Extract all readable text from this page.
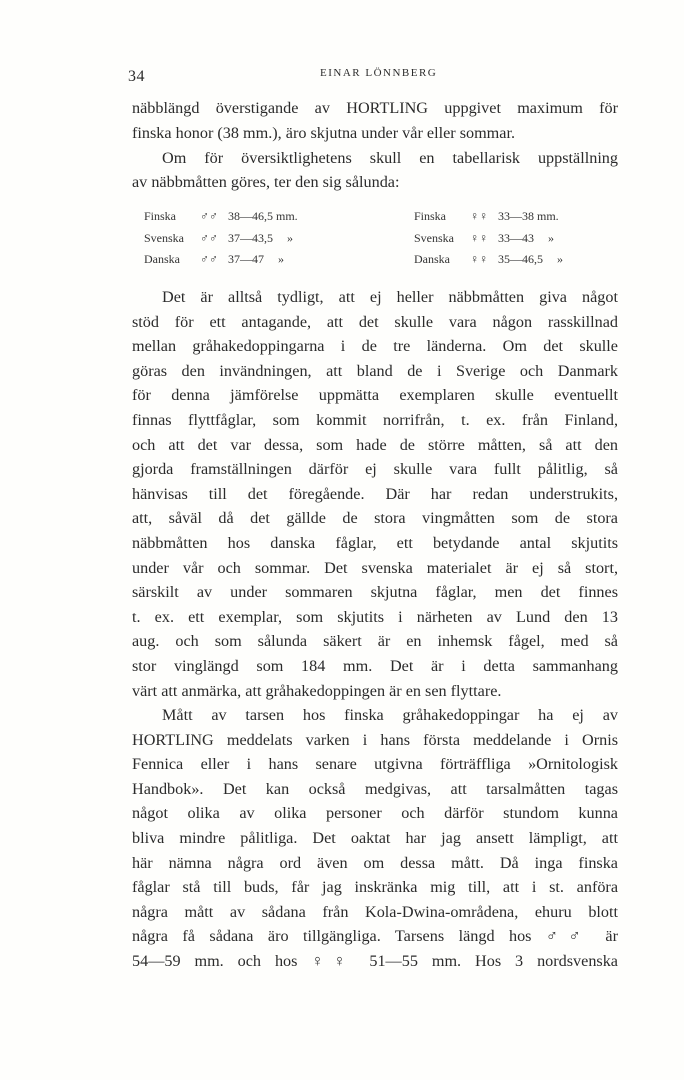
34	EINAR LÖNNBERG
näbblängd överstigande av HORTLING uppgivet maximum för
finska honor (38 mm.), äro skjutna under vår eller sommar.
Om för översiktlighetens skull en tabellarisk uppställning
av näbbmåtten göres, ter den sig sålunda:
Finska ♂♂ 38—46,5 mm.
Svenska ♂♂ 37—43,5 »
Danska ♂♂ 37—47 »
Finska ♀♀ 33—38 mm.
Svenska ♀♀ 33—43 »
Danska ♀♀ 35—46,5 »
Det är alltså tydligt, att ej heller näbbmåtten giva något
stöd för ett antagande, att det skulle vara någon rasskillnad
mellan gråhakedoppingarna i de tre länderna. Om det skulle
göras den invändningen, att bland de i Sverige och Danmark
för denna jämförelse uppmätta exemplaren skulle eventuellt
finnas flyttfåglar, som kommit norrifrån, t. ex. från Finland,
och att det var dessa, som hade de större måtten, så att den
gjorda framställningen därför ej skulle vara fullt pålitlig, så
hänvisas till det föregående. Där har redan understrukits,
att, såväl då det gällde de stora vingmåtten som de stora
näbbmåtten hos danska fåglar, ett betydande antal skjutits
under vår och sommar. Det svenska materialet är ej så stort,
särskilt av under sommaren skjutna fåglar, men det finnes
t. ex. ett exemplar, som skjutits i närheten av Lund den 13
aug. och som sålunda säkert är en inhemsk fågel, med så
stor vinglängd som 184 mm. Det är i detta sammanhang
värt att anmärka, att gråhakedoppingen är en sen flyttare.
Mått av tarsen hos finska gråhakedoppingar ha ej av
HORTLING meddelats varken i hans första meddelande i Ornis
Fennica eller i hans senare utgivna förträffliga »Ornitologisk
Handbok». Det kan också medgivas, att tarsalmåtten tagas
något olika av olika personer och därför stundom kunna
bliva mindre pålitliga. Det oaktat har jag ansett lämpligt, att
här nämna några ord även om dessa mått. Då inga finska
fåglar stå till buds, får jag inskränka mig till, att i st. anföra
några mått av sådana från Kola-Dwina-områdena, ehuru blott
några få sådana äro tillgängliga. Tarsens längd hos ♂♂ är
54—59 mm. och hos ♀♀ 51—55 mm. Hos 3 nordsvenska
